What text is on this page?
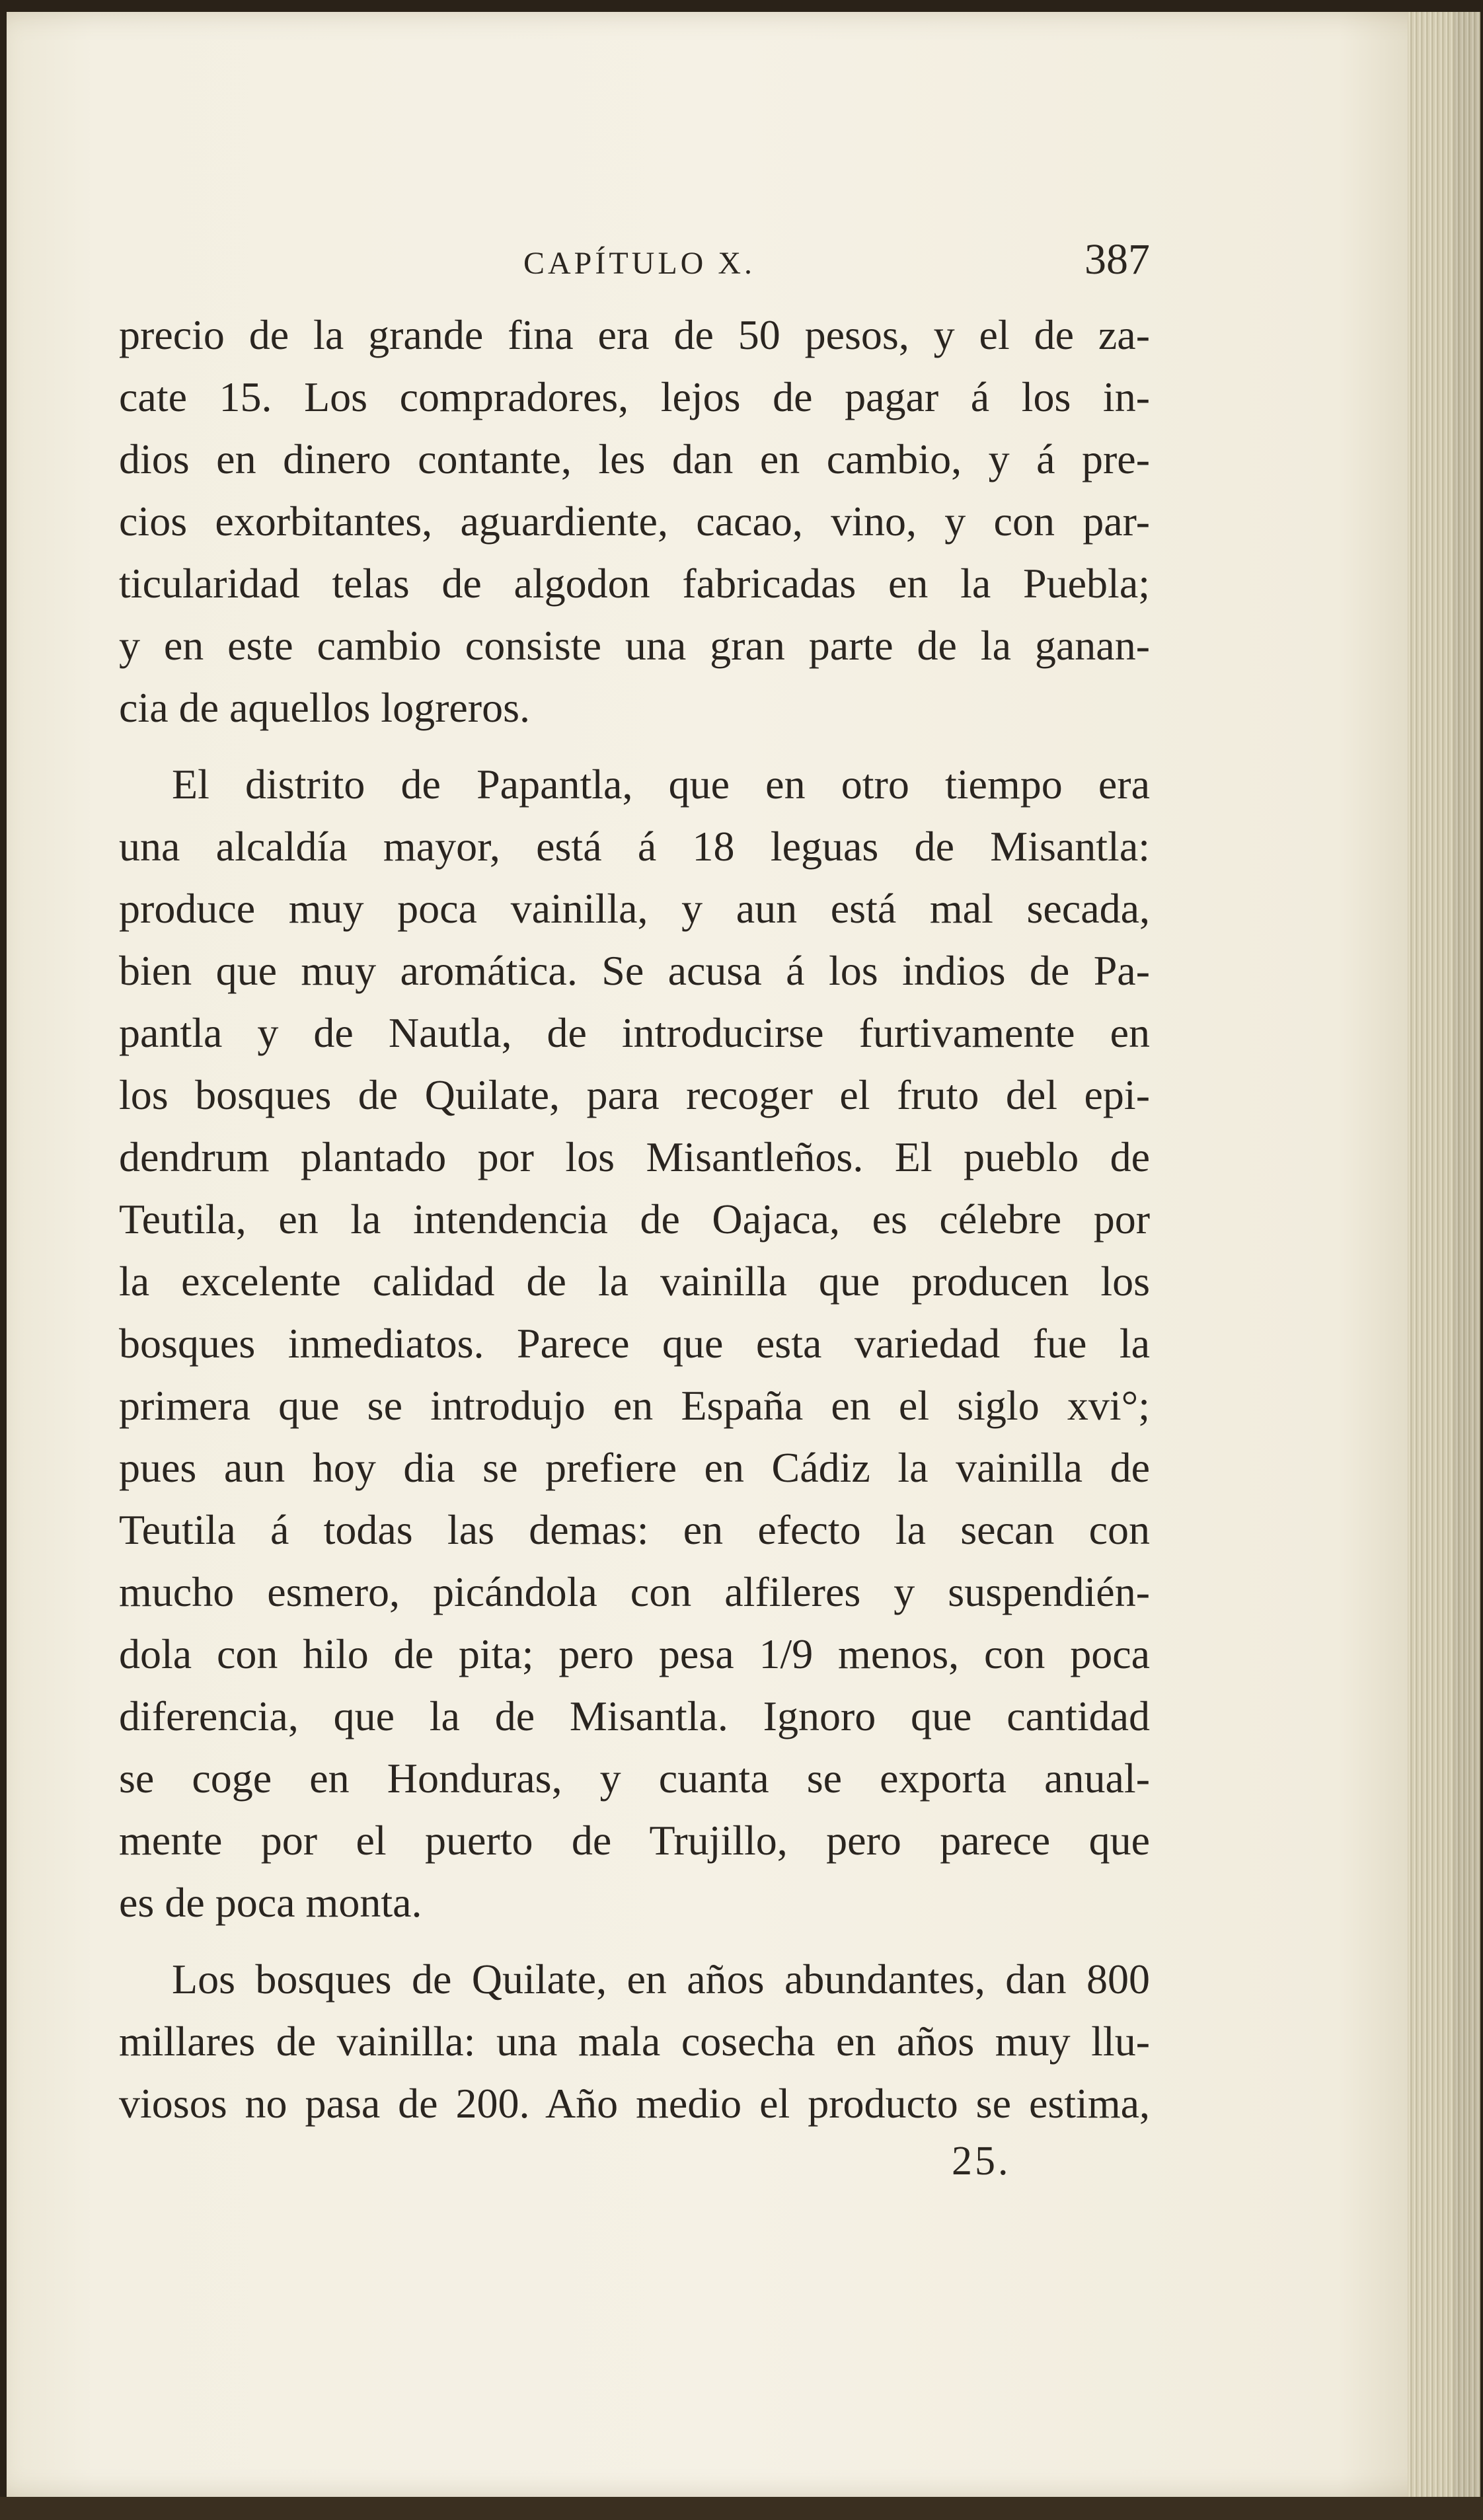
CAPÍTULO X.	387
precio de la grande fina era de 50 pesos, y el de za-
cate 15. Los compradores, lejos de pagar á los in-
dios en dinero contante, les dan en cambio, y á pre-
cios exorbitantes, aguardiente, cacao, vino, y con par-
ticularidad telas de algodon fabricadas en la Puebla;
y en este cambio consiste una gran parte de la ganan-
cia de aquellos logreros.
El distrito de Papantla, que en otro tiempo era
una alcaldía mayor, está á 18 leguas de Misantla:
produce muy poca vainilla, y aun está mal secada,
bien que muy aromática. Se acusa á los indios de Pa-
pantla y de Nautla, de introducirse furtivamente en
los bosques de Quilate, para recoger el fruto del epi-
dendrum plantado por los Misantleños. El pueblo de
Teutila, en la intendencia de Oajaca, es célebre por
la excelente calidad de la vainilla que producen los
bosques inmediatos. Parece que esta variedad fue la
primera que se introdujo en España en el siglo xvi°;
pues aun hoy dia se prefiere en Cádiz la vainilla de
Teutila á todas las demas: en efecto la secan con
mucho esmero, picándola con alfileres y suspendién-
dola con hilo de pita; pero pesa 1/9 menos, con poca
diferencia, que la de Misantla. Ignoro que cantidad
se coge en Honduras, y cuanta se exporta anual-
mente por el puerto de Trujillo, pero parece que
es de poca monta.
Los bosques de Quilate, en años abundantes, dan 800
millares de vainilla: una mala cosecha en años muy llu-
viosos no pasa de 200. Año medio el producto se estima,
25.
